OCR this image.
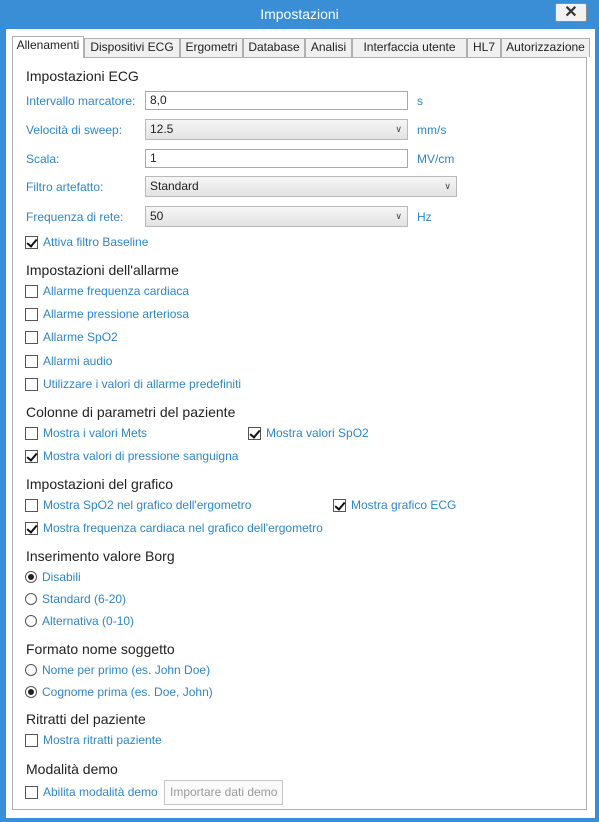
Impostazioni	✕
Allenamenti Dispositivi ECG Ergometri Database Analisi	Interfaccia utente	HL7 Autorizzazione
Impostazioni ECG
Intervallo marcatore:	8,0	s
Velocità di sweep:	12.5	∨ mm/s
Scala:	1	MV/cm
Filtro artefatto:	Standard	∨
Frequenza di rete:	50	∨ Hz
Attiva filtro Baseline
Impostazioni dell'allarme
Allarme frequenza cardiaca
Allarme pressione arteriosa
Allarme SpO2
Allarmi audio
Utilizzare i valori di allarme predefiniti
Colonne di parametri del paziente
Mostra i valori Mets	Mostra valori SpO2
Mostra valori di pressione sanguigna
Impostazioni del grafico
Mostra SpO2 nel grafico dell'ergometro	Mostra grafico ECG
Mostra frequenza cardiaca nel grafico dell'ergometro
Inserimento valore Borg
Disabili
Standard (6-20)
Alternativa (0-10)
Formato nome soggetto
Nome per primo (es. John Doe)
Cognome prima (es. Doe, John)
Ritratti del paziente
Mostra ritratti paziente
Modalità demo
Abilita modalità demo	Importare dati demo
